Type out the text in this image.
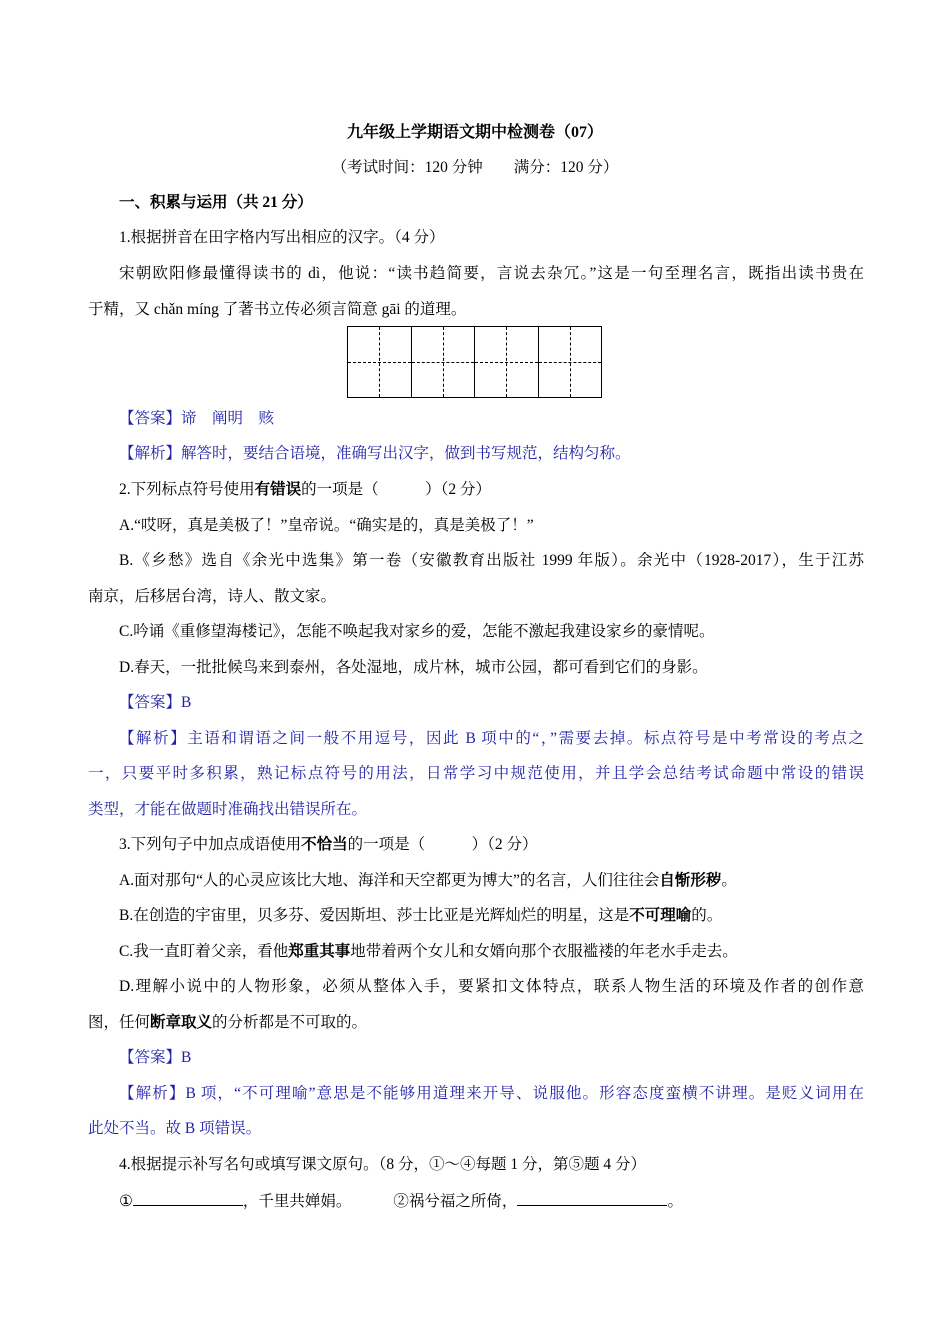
九年级上学期语文期中检测卷（07）
（考试时间：120 分钟　　满分：120 分）
一、积累与运用（共 21 分）
1.根据拼音在田字格内写出相应的汉字。（4 分）
宋朝欧阳修最懂得读书的 dì，他说：“读书趋简要，言说去杂冗。”这是一句至理名言，既指出读书贵在
于精，又 chǎn míng 了著书立传必须言简意 gāi 的道理。
【答案】谛　阐明　赅
【解析】解答时，要结合语境，准确写出汉字，做到书写规范，结构匀称。
2.下列标点符号使用有错误的一项是（　　　）（2 分）
A.“哎呀，真是美极了！”皇帝说。“确实是的，真是美极了！”
B.《乡愁》选自《余光中选集》第一卷（安徽教育出版社 1999 年版）。余光中（1928-2017），生于江苏
南京，后移居台湾，诗人、散文家。
C.吟诵《重修望海楼记》，怎能不唤起我对家乡的爱，怎能不激起我建设家乡的豪情呢。
D.春天，一批批候鸟来到泰州，各处湿地，成片林，城市公园，都可看到它们的身影。
【答案】B
【解析】主语和谓语之间一般不用逗号，因此 B 项中的“，”需要去掉。标点符号是中考常设的考点之
一，只要平时多积累，熟记标点符号的用法，日常学习中规范使用，并且学会总结考试命题中常设的错误
类型，才能在做题时准确找出错误所在。
3.下列句子中加点成语使用不恰当的一项是（　　　）（2 分）
A.面对那句“人的心灵应该比大地、海洋和天空都更为博大”的名言，人们往往会自惭形秽。
B.在创造的宇宙里，贝多芬、爱因斯坦、莎士比亚是光辉灿烂的明星，这是不可理喻的。
C.我一直盯着父亲，看他郑重其事地带着两个女儿和女婿向那个衣服褴褛的年老水手走去。
D.理解小说中的人物形象，必须从整体入手，要紧扣文体特点，联系人物生活的环境及作者的创作意
图，任何断章取义的分析都是不可取的。
【答案】B
【解析】B 项，“不可理喻”意思是不能够用道理来开导、说服他。形容态度蛮横不讲理。是贬义词用在
此处不当。故 B 项错误。
4.根据提示补写名句或填写课文原句。（8 分，①～④每题 1 分，第⑤题 4 分）
①	，千里共婵娟。	②祸兮福之所倚，	。
